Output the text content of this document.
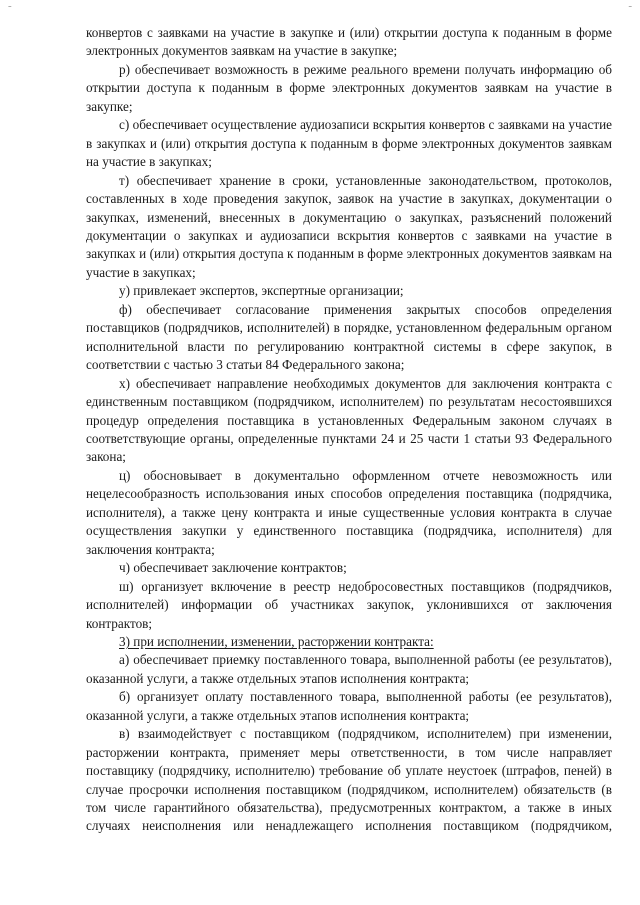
-	-

конвертов с заявками на участие в закупке и (или) открытии доступа к поданным в форме электронных документов заявкам на участие в закупке;

р) обеспечивает возможность в режиме реального времени получать информацию об открытии доступа к поданным в форме электронных документов заявкам на участие в закупке;

с) обеспечивает осуществление аудиозаписи вскрытия конвертов с заявками на участие в закупках и (или) открытия доступа к поданным в форме электронных документов заявкам на участие в закупках;

т) обеспечивает хранение в сроки, установленные законодательством, протоколов, составленных в ходе проведения закупок, заявок на участие в закупках, документации о закупках, изменений, внесенных в документацию о закупках, разъяснений положений документации о закупках и аудиозаписи вскрытия конвертов с заявками на участие в закупках и (или) открытия доступа к поданным в форме электронных документов заявкам на участие в закупках;

у) привлекает экспертов, экспертные организации;

ф) обеспечивает согласование применения закрытых способов определения поставщиков (подрядчиков, исполнителей) в порядке, установленном федеральным органом исполнительной власти по регулированию контрактной системы в сфере закупок, в соответствии с частью 3 статьи 84 Федерального закона;

х) обеспечивает направление необходимых документов для заключения контракта с единственным поставщиком (подрядчиком, исполнителем) по результатам несостоявшихся процедур определения поставщика в установленных Федеральным законом случаях в соответствующие органы, определенные пунктами 24 и 25 части 1 статьи 93 Федерального закона;

ц) обосновывает в документально оформленном отчете невозможность или нецелесообразность использования иных способов определения поставщика (подрядчика, исполнителя), а также цену контракта и иные существенные условия контракта в случае осуществления закупки у единственного поставщика (подрядчика, исполнителя) для заключения контракта;

ч) обеспечивает заключение контрактов;

ш) организует включение в реестр недобросовестных поставщиков (подрядчиков, исполнителей) информации об участниках закупок, уклонившихся от заключения контрактов;

3) при исполнении, изменении, расторжении контракта:

а) обеспечивает приемку поставленного товара, выполненной работы (ее результатов), оказанной услуги, а также отдельных этапов исполнения контракта;

б) организует оплату поставленного товара, выполненной работы (ее результатов), оказанной услуги, а также отдельных этапов исполнения контракта;

в) взаимодействует с поставщиком (подрядчиком, исполнителем) при изменении, расторжении контракта, применяет меры ответственности, в том числе направляет поставщику (подрядчику, исполнителю) требование об уплате неустоек (штрафов, пеней) в случае просрочки исполнения поставщиком (подрядчиком, исполнителем) обязательств (в том числе гарантийного обязательства), предусмотренных контрактом, а также в иных случаях неисполнения или ненадлежащего исполнения поставщиком (подрядчиком,
